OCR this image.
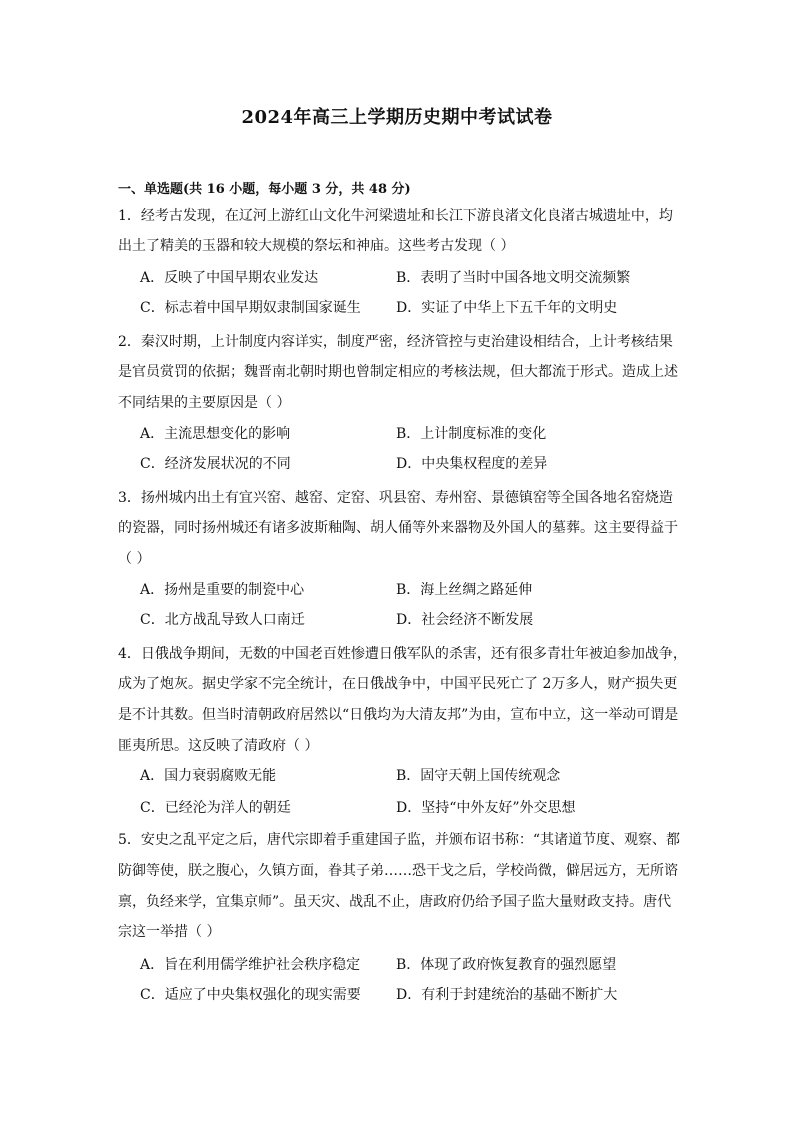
2024年高三上学期历史期中考试试卷
一、单选题(共 16 小题，每小题 3 分，共 48 分)
1．经考古发现，在辽河上游红山文化牛河梁遗址和长江下游良渚文化良渚古城遗址中，均
出土了精美的玉器和较大规模的祭坛和神庙。这些考古发现（ ）
A．反映了中国早期农业发达	B．表明了当时中国各地文明交流频繁
C．标志着中国早期奴隶制国家诞生	D．实证了中华上下五千年的文明史
2．秦汉时期，上计制度内容详实，制度严密，经济管控与吏治建设相结合，上计考核结果
是官员赏罚的依据；魏晋南北朝时期也曾制定相应的考核法规，但大都流于形式。造成上述
不同结果的主要原因是（ ）
A．主流思想变化的影响	B．上计制度标准的变化
C．经济发展状况的不同	D．中央集权程度的差异
3．扬州城内出土有宜兴窑、越窑、定窑、巩县窑、寿州窑、景德镇窑等全国各地名窑烧造
的瓷器，同时扬州城还有诸多波斯釉陶、胡人俑等外来器物及外国人的墓葬。这主要得益于
（ ）
A．扬州是重要的制瓷中心	B．海上丝绸之路延伸
C．北方战乱导致人口南迁	D．社会经济不断发展
4．日俄战争期间，无数的中国老百姓惨遭日俄军队的杀害，还有很多青壮年被迫参加战争，
成为了炮灰。据史学家不完全统计，在日俄战争中，中国平民死亡了 2万多人，财产损失更
是不计其数。但当时清朝政府居然以“日俄均为大清友邦”为由，宣布中立，这一举动可谓是
匪夷所思。这反映了清政府（ ）
A．国力衰弱腐败无能	B．固守天朝上国传统观念
C．已经沦为洋人的朝廷	D．坚持“中外友好”外交思想
5．安史之乱平定之后，唐代宗即着手重建国子监，并颁布诏书称：“其诸道节度、观察、都
防御等使，朕之腹心，久镇方面，眷其子弟……恐干戈之后，学校尚微，僻居远方，无所谘
禀，负经来学，宜集京师”。虽天灾、战乱不止，唐政府仍给予国子监大量财政支持。唐代
宗这一举措（ ）
A．旨在利用儒学维护社会秩序稳定	B．体现了政府恢复教育的强烈愿望
C．适应了中央集权强化的现实需要	D．有利于封建统治的基础不断扩大
